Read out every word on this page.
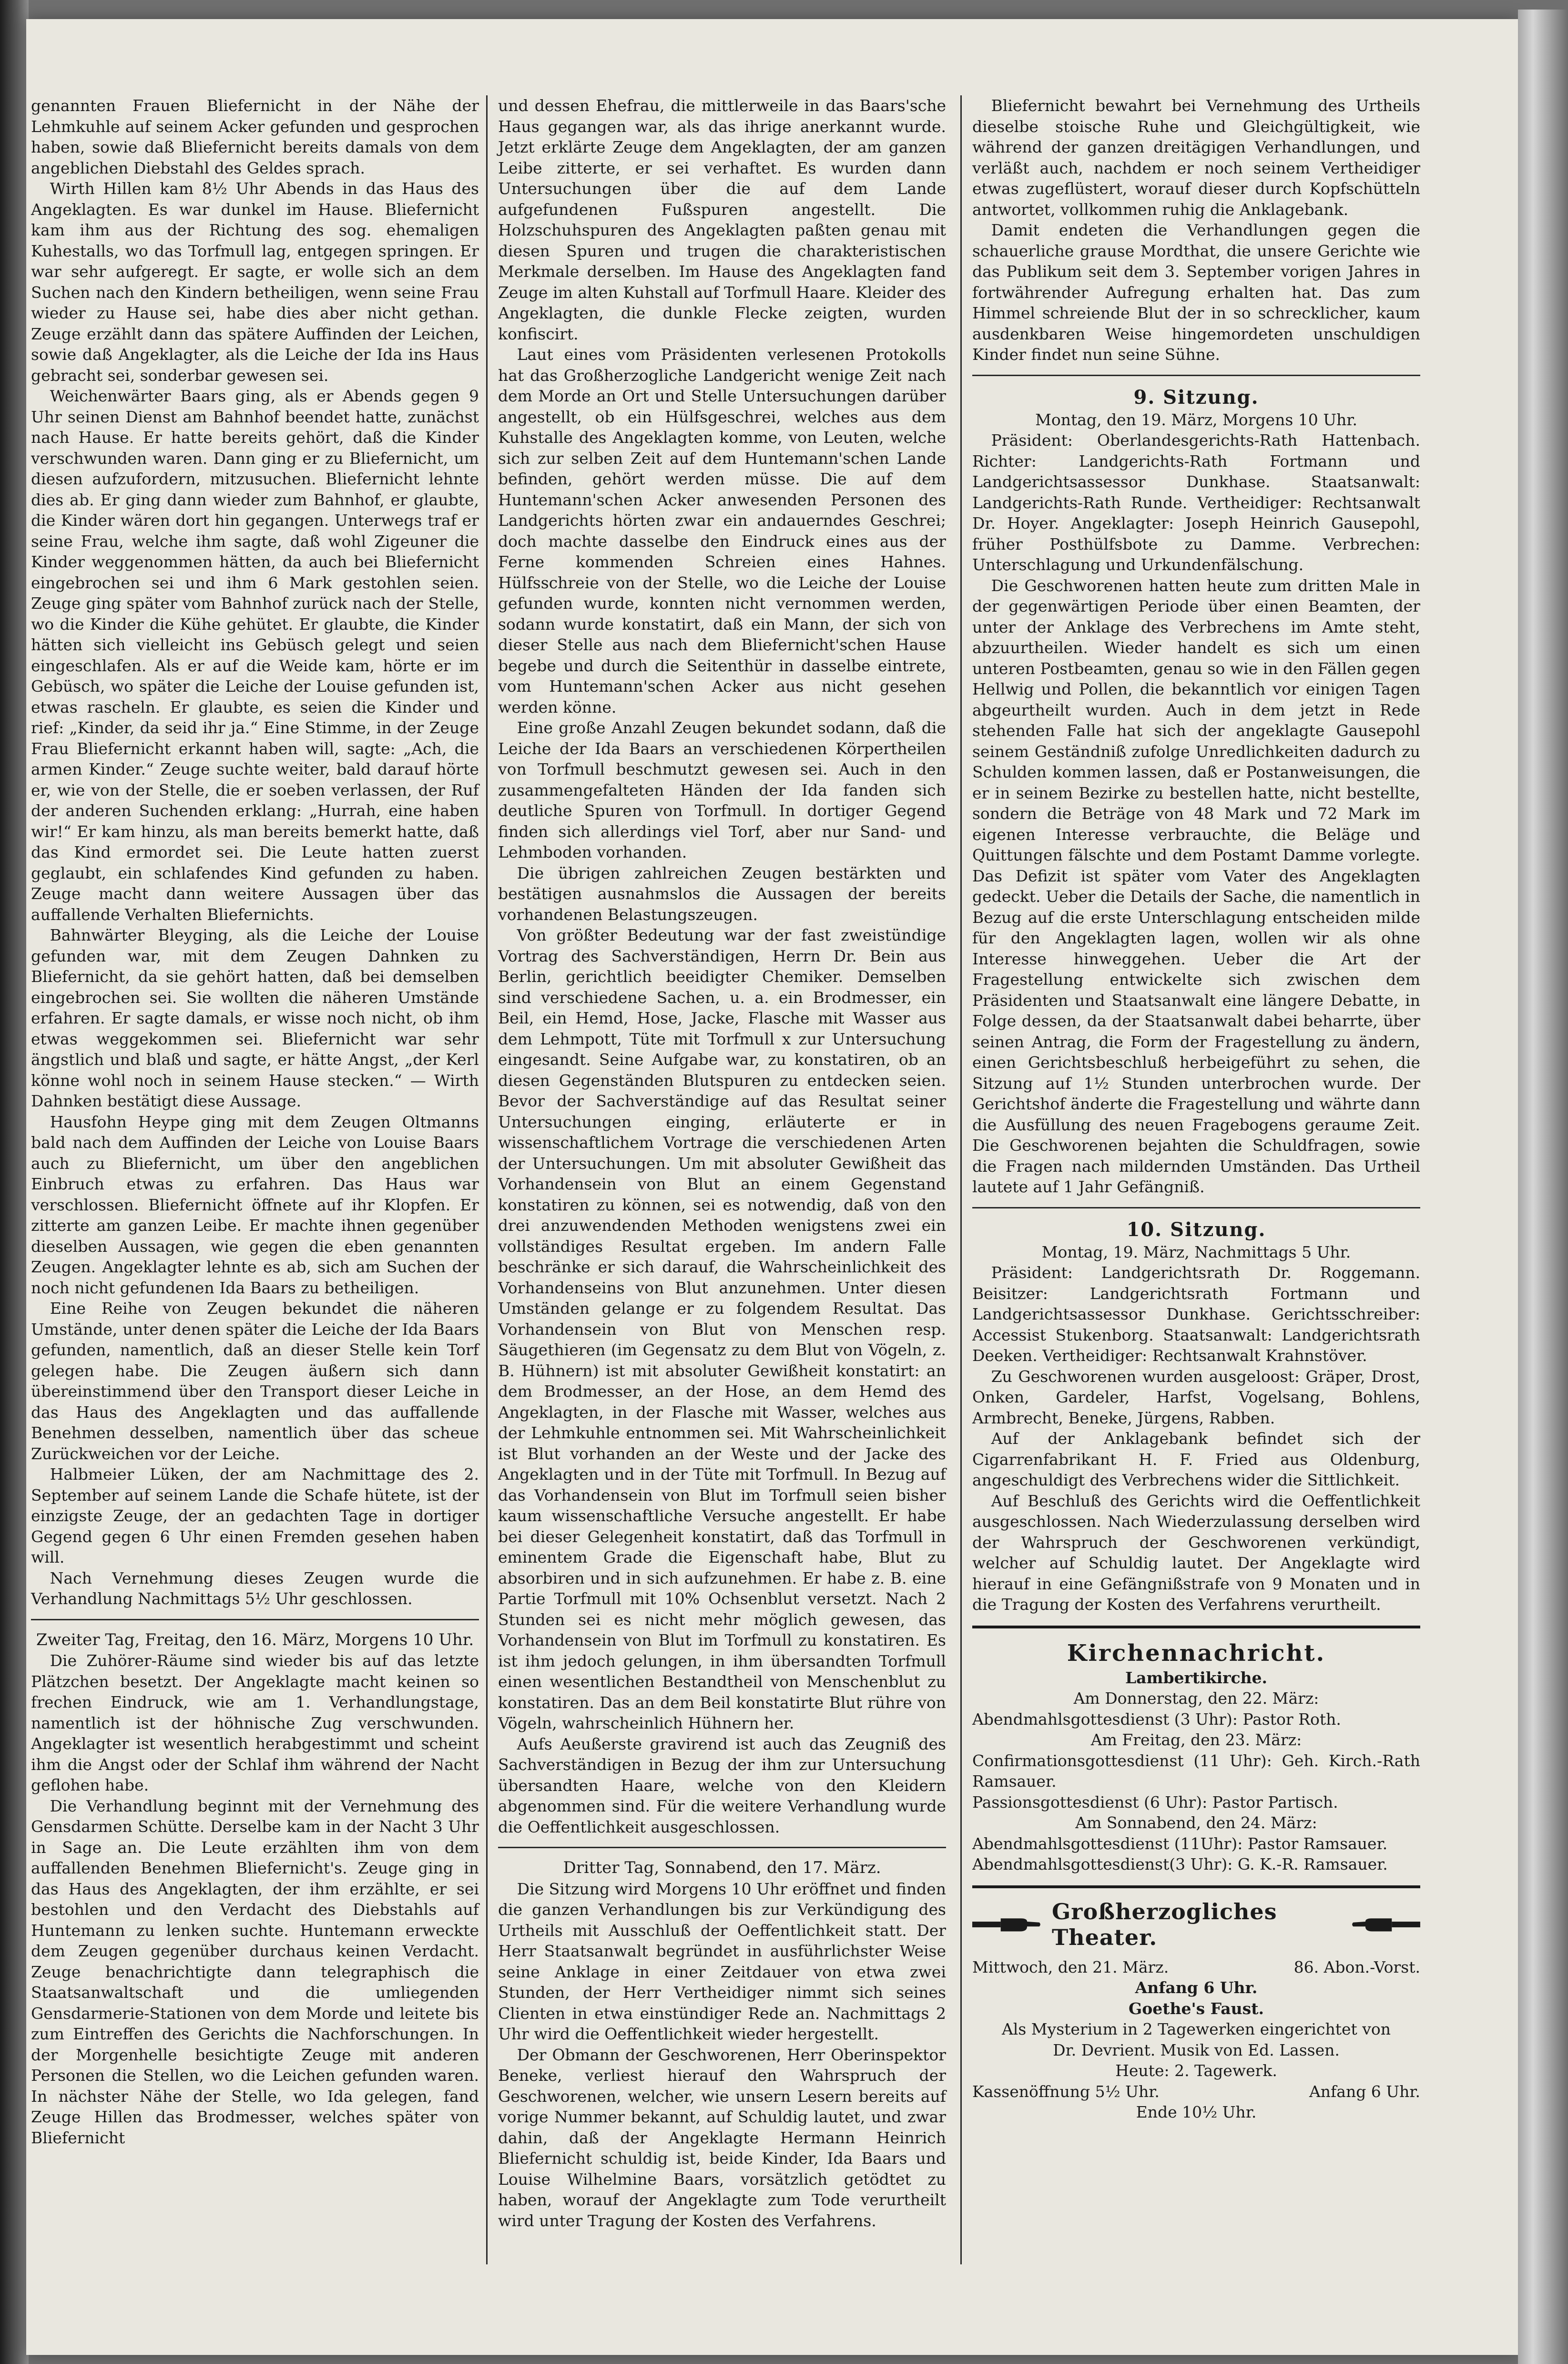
genannten Frauen Bliefernicht in der Nähe der Lehmkuhle auf seinem Acker gefunden und gesprochen haben, sowie daß Bliefernicht bereits damals von dem angeblichen Diebstahl des Geldes sprach.

Wirth Hillen kam 8½ Uhr Abends in das Haus des Angeklagten. Es war dunkel im Hause. Bliefernicht kam ihm aus der Richtung des sog. ehemaligen Kuhestalls, wo das Torfmull lag, entgegen springen. Er war sehr aufgeregt. Er sagte, er wolle sich an dem Suchen nach den Kindern betheiligen, wenn seine Frau wieder zu Hause sei, habe dies aber nicht gethan. Zeuge erzählt dann das spätere Auffinden der Leichen, sowie daß Angeklagter, als die Leiche der Ida ins Haus gebracht sei, sonderbar gewesen sei.

Weichenwärter Baars ging, als er Abends gegen 9 Uhr seinen Dienst am Bahnhof beendet hatte, zunächst nach Hause. Er hatte bereits gehört, daß die Kinder verschwunden waren. Dann ging er zu Bliefernicht, um diesen aufzufordern, mitzusuchen. Bliefernicht lehnte dies ab. Er ging dann wieder zum Bahnhof, er glaubte, die Kinder wären dort hin gegangen. Unterwegs traf er seine Frau, welche ihm sagte, daß wohl Zigeuner die Kinder weggenommen hätten, da auch bei Bliefernicht eingebrochen sei und ihm 6 Mark gestohlen seien. Zeuge ging später vom Bahnhof zurück nach der Stelle, wo die Kinder die Kühe gehütet. Er glaubte, die Kinder hätten sich vielleicht ins Gebüsch gelegt und seien eingeschlafen. Als er auf die Weide kam, hörte er im Gebüsch, wo später die Leiche der Louise gefunden ist, etwas rascheln. Er glaubte, es seien die Kinder und rief: „Kinder, da seid ihr ja.“ Eine Stimme, in der Zeuge Frau Bliefernicht erkannt haben will, sagte: „Ach, die armen Kinder.“ Zeuge suchte weiter, bald darauf hörte er, wie von der Stelle, die er soeben verlassen, der Ruf der anderen Suchenden erklang: „Hurrah, eine haben wir!“ Er kam hinzu, als man bereits bemerkt hatte, daß das Kind ermordet sei. Die Leute hatten zuerst geglaubt, ein schlafendes Kind gefunden zu haben. Zeuge macht dann weitere Aussagen über das auffallende Verhalten Bliefernichts.

Bahnwärter Bleyging, als die Leiche der Louise gefunden war, mit dem Zeugen Dahnken zu Bliefernicht, da sie gehört hatten, daß bei demselben eingebrochen sei. Sie wollten die näheren Umstände erfahren. Er sagte damals, er wisse noch nicht, ob ihm etwas weggekommen sei. Bliefernicht war sehr ängstlich und blaß und sagte, er hätte Angst, „der Kerl könne wohl noch in seinem Hause stecken.“ — Wirth Dahnken bestätigt diese Aussage.

Hausfohn Heype ging mit dem Zeugen Oltmanns bald nach dem Auffinden der Leiche von Louise Baars auch zu Bliefernicht, um über den angeblichen Einbruch etwas zu erfahren. Das Haus war verschlossen. Bliefernicht öffnete auf ihr Klopfen. Er zitterte am ganzen Leibe. Er machte ihnen gegenüber dieselben Aussagen, wie gegen die eben genannten Zeugen. Angeklagter lehnte es ab, sich am Suchen der noch nicht gefundenen Ida Baars zu betheiligen.

Eine Reihe von Zeugen bekundet die näheren Umstände, unter denen später die Leiche der Ida Baars gefunden, namentlich, daß an dieser Stelle kein Torf gelegen habe. Die Zeugen äußern sich dann übereinstimmend über den Transport dieser Leiche in das Haus des Angeklagten und das auffallende Benehmen desselben, namentlich über das scheue Zurückweichen vor der Leiche.

Halbmeier Lüken, der am Nachmittage des 2. September auf seinem Lande die Schafe hütete, ist der einzigste Zeuge, der an gedachten Tage in dortiger Gegend gegen 6 Uhr einen Fremden gesehen haben will.

Nach Vernehmung dieses Zeugen wurde die Verhandlung Nachmittags 5½ Uhr geschlossen.

Zweiter Tag, Freitag, den 16. März, Morgens 10 Uhr.

Die Zuhörer-Räume sind wieder bis auf das letzte Plätzchen besetzt. Der Angeklagte macht keinen so frechen Eindruck, wie am 1. Verhandlungstage, namentlich ist der höhnische Zug verschwunden. Angeklagter ist wesentlich herabgestimmt und scheint ihm die Angst oder der Schlaf ihm während der Nacht geflohen habe.

Die Verhandlung beginnt mit der Vernehmung des Gensdarmen Schütte. Derselbe kam in der Nacht 3 Uhr in Sage an. Die Leute erzählten ihm von dem auffallenden Benehmen Bliefernicht's. Zeuge ging in das Haus des Angeklagten, der ihm erzählte, er sei bestohlen und den Verdacht des Diebstahls auf Huntemann zu lenken suchte. Huntemann erweckte dem Zeugen gegenüber durchaus keinen Verdacht. Zeuge benachrichtigte dann telegraphisch die Staatsanwaltschaft und die umliegenden Gensdarmerie-Stationen von dem Morde und leitete bis zum Eintreffen des Gerichts die Nachforschungen. In der Morgenhelle besichtigte Zeuge mit anderen Personen die Stellen, wo die Leichen gefunden waren. In nächster Nähe der Stelle, wo Ida gelegen, fand Zeuge Hillen das Brodmesser, welches später von Bliefernicht

und dessen Ehefrau, die mittlerweile in das Baars'sche Haus gegangen war, als das ihrige anerkannt wurde. Jetzt erklärte Zeuge dem Angeklagten, der am ganzen Leibe zitterte, er sei verhaftet. Es wurden dann Untersuchungen über die auf dem Lande aufgefundenen Fußspuren angestellt. Die Holzschuhspuren des Angeklagten paßten genau mit diesen Spuren und trugen die charakteristischen Merkmale derselben. Im Hause des Angeklagten fand Zeuge im alten Kuhstall auf Torfmull Haare. Kleider des Angeklagten, die dunkle Flecke zeigten, wurden konfiscirt.

Laut eines vom Präsidenten verlesenen Protokolls hat das Großherzogliche Landgericht wenige Zeit nach dem Morde an Ort und Stelle Untersuchungen darüber angestellt, ob ein Hülfsgeschrei, welches aus dem Kuhstalle des Angeklagten komme, von Leuten, welche sich zur selben Zeit auf dem Huntemann'schen Lande befinden, gehört werden müsse. Die auf dem Huntemann'schen Acker anwesenden Personen des Landgerichts hörten zwar ein andauerndes Geschrei; doch machte dasselbe den Eindruck eines aus der Ferne kommenden Schreien eines Hahnes. Hülfsschreie von der Stelle, wo die Leiche der Louise gefunden wurde, konnten nicht vernommen werden, sodann wurde konstatirt, daß ein Mann, der sich von dieser Stelle aus nach dem Bliefernicht'schen Hause begebe und durch die Seitenthür in dasselbe eintrete, vom Huntemann'schen Acker aus nicht gesehen werden könne.

Eine große Anzahl Zeugen bekundet sodann, daß die Leiche der Ida Baars an verschiedenen Körpertheilen von Torfmull beschmutzt gewesen sei. Auch in den zusammengefalteten Händen der Ida fanden sich deutliche Spuren von Torfmull. In dortiger Gegend finden sich allerdings viel Torf, aber nur Sand- und Lehmboden vorhanden.

Die übrigen zahlreichen Zeugen bestärkten und bestätigen ausnahmslos die Aussagen der bereits vorhandenen Belastungszeugen.

Von größter Bedeutung war der fast zweistündige Vortrag des Sachverständigen, Herrn Dr. Bein aus Berlin, gerichtlich beeidigter Chemiker. Demselben sind verschiedene Sachen, u. a. ein Brodmesser, ein Beil, ein Hemd, Hose, Jacke, Flasche mit Wasser aus dem Lehmpott, Tüte mit Torfmull x zur Untersuchung eingesandt. Seine Aufgabe war, zu konstatiren, ob an diesen Gegenständen Blutspuren zu entdecken seien. Bevor der Sachverständige auf das Resultat seiner Untersuchungen einging, erläuterte er in wissenschaftlichem Vortrage die verschiedenen Arten der Untersuchungen. Um mit absoluter Gewißheit das Vorhandensein von Blut an einem Gegenstand konstatiren zu können, sei es notwendig, daß von den drei anzuwendenden Methoden wenigstens zwei ein vollständiges Resultat ergeben. Im andern Falle beschränke er sich darauf, die Wahrscheinlichkeit des Vorhandenseins von Blut anzunehmen. Unter diesen Umständen gelange er zu folgendem Resultat. Das Vorhandensein von Blut von Menschen resp. Säugethieren (im Gegensatz zu dem Blut von Vögeln, z. B. Hühnern) ist mit absoluter Gewißheit konstatirt: an dem Brodmesser, an der Hose, an dem Hemd des Angeklagten, in der Flasche mit Wasser, welches aus der Lehmkuhle entnommen sei. Mit Wahrscheinlichkeit ist Blut vorhanden an der Weste und der Jacke des Angeklagten und in der Tüte mit Torfmull. In Bezug auf das Vorhandensein von Blut im Torfmull seien bisher kaum wissenschaftliche Versuche angestellt. Er habe bei dieser Gelegenheit konstatirt, daß das Torfmull in eminentem Grade die Eigenschaft habe, Blut zu absorbiren und in sich aufzunehmen. Er habe z. B. eine Partie Torfmull mit 10% Ochsenblut versetzt. Nach 2 Stunden sei es nicht mehr möglich gewesen, das Vorhandensein von Blut im Torfmull zu konstatiren. Es ist ihm jedoch gelungen, in ihm übersandten Torfmull einen wesentlichen Bestandtheil von Menschenblut zu konstatiren. Das an dem Beil konstatirte Blut rühre von Vögeln, wahrscheinlich Hühnern her.

Aufs Aeußerste gravirend ist auch das Zeugniß des Sachverständigen in Bezug der ihm zur Untersuchung übersandten Haare, welche von den Kleidern abgenommen sind. Für die weitere Verhandlung wurde die Oeffentlichkeit ausgeschlossen.

Dritter Tag, Sonnabend, den 17. März.

Die Sitzung wird Morgens 10 Uhr eröffnet und finden die ganzen Verhandlungen bis zur Verkündigung des Urtheils mit Ausschluß der Oeffentlichkeit statt. Der Herr Staatsanwalt begründet in ausführlichster Weise seine Anklage in einer Zeitdauer von etwa zwei Stunden, der Herr Vertheidiger nimmt sich seines Clienten in etwa einstündiger Rede an. Nachmittags 2 Uhr wird die Oeffentlichkeit wieder hergestellt.

Der Obmann der Geschworenen, Herr Oberinspektor Beneke, verliest hierauf den Wahrspruch der Geschworenen, welcher, wie unsern Lesern bereits auf vorige Nummer bekannt, auf Schuldig lautet, und zwar dahin, daß der Angeklagte Hermann Heinrich Bliefernicht schuldig ist, beide Kinder, Ida Baars und Louise Wilhelmine Baars, vorsätzlich getödtet zu haben, worauf der Angeklagte zum Tode verurtheilt wird unter Tragung der Kosten des Verfahrens.

Bliefernicht bewahrt bei Vernehmung des Urtheils dieselbe stoische Ruhe und Gleichgültigkeit, wie während der ganzen dreitägigen Verhandlungen, und verläßt auch, nachdem er noch seinem Vertheidiger etwas zugeflüstert, worauf dieser durch Kopfschütteln antwortet, vollkommen ruhig die Anklagebank.

Damit endeten die Verhandlungen gegen die schauerliche grause Mordthat, die unsere Gerichte wie das Publikum seit dem 3. September vorigen Jahres in fortwährender Aufregung erhalten hat. Das zum Himmel schreiende Blut der in so schrecklicher, kaum ausdenkbaren Weise hingemordeten unschuldigen Kinder findet nun seine Sühne.

9. Sitzung.

Montag, den 19. März, Morgens 10 Uhr.

Präsident: Oberlandesgerichts-Rath Hattenbach. Richter: Landgerichts-Rath Fortmann und Landgerichtsassessor Dunkhase. Staatsanwalt: Landgerichts-Rath Runde. Vertheidiger: Rechtsanwalt Dr. Hoyer. Angeklagter: Joseph Heinrich Gausepohl, früher Posthülfsbote zu Damme. Verbrechen: Unterschlagung und Urkundenfälschung.

Die Geschworenen hatten heute zum dritten Male in der gegenwärtigen Periode über einen Beamten, der unter der Anklage des Verbrechens im Amte steht, abzuurtheilen. Wieder handelt es sich um einen unteren Postbeamten, genau so wie in den Fällen gegen Hellwig und Pollen, die bekanntlich vor einigen Tagen abgeurtheilt wurden. Auch in dem jetzt in Rede stehenden Falle hat sich der angeklagte Gausepohl seinem Geständniß zufolge Unredlichkeiten dadurch zu Schulden kommen lassen, daß er Postanweisungen, die er in seinem Bezirke zu bestellen hatte, nicht bestellte, sondern die Beträge von 48 Mark und 72 Mark im eigenen Interesse verbrauchte, die Beläge und Quittungen fälschte und dem Postamt Damme vorlegte. Das Defizit ist später vom Vater des Angeklagten gedeckt. Ueber die Details der Sache, die namentlich in Bezug auf die erste Unterschlagung entscheiden milde für den Angeklagten lagen, wollen wir als ohne Interesse hinweggehen. Ueber die Art der Fragestellung entwickelte sich zwischen dem Präsidenten und Staatsanwalt eine längere Debatte, in Folge dessen, da der Staatsanwalt dabei beharrte, über seinen Antrag, die Form der Fragestellung zu ändern, einen Gerichtsbeschluß herbeigeführt zu sehen, die Sitzung auf 1½ Stunden unterbrochen wurde. Der Gerichtshof änderte die Fragestellung und währte dann die Ausfüllung des neuen Fragebogens geraume Zeit. Die Geschworenen bejahten die Schuldfragen, sowie die Fragen nach mildernden Umständen. Das Urtheil lautete auf 1 Jahr Gefängniß.

10. Sitzung.

Montag, 19. März, Nachmittags 5 Uhr.

Präsident: Landgerichtsrath Dr. Roggemann. Beisitzer: Landgerichtsrath Fortmann und Landgerichtsassessor Dunkhase. Gerichtsschreiber: Accessist Stukenborg. Staatsanwalt: Landgerichtsrath Deeken. Vertheidiger: Rechtsanwalt Krahnstöver.

Zu Geschworenen wurden ausgeloost: Gräper, Drost, Onken, Gardeler, Harfst, Vogelsang, Bohlens, Armbrecht, Beneke, Jürgens, Rabben.

Auf der Anklagebank befindet sich der Cigarrenfabrikant H. F. Fried aus Oldenburg, angeschuldigt des Verbrechens wider die Sittlichkeit.

Auf Beschluß des Gerichts wird die Oeffentlichkeit ausgeschlossen. Nach Wiederzulassung derselben wird der Wahrspruch der Geschworenen verkündigt, welcher auf Schuldig lautet. Der Angeklagte wird hierauf in eine Gefängnißstrafe von 9 Monaten und in die Tragung der Kosten des Verfahrens verurtheilt.

Kirchennachricht.

Lambertikirche.

Am Donnerstag, den 22. März:

Abendmahlsgottesdienst (3 Uhr): Pastor Roth.

Am Freitag, den 23. März:

Confirmationsgottesdienst (11 Uhr): Geh. Kirch.-Rath Ramsauer.

Passionsgottesdienst (6 Uhr): Pastor Partisch.

Am Sonnabend, den 24. März:

Abendmahlsgottesdienst (11Uhr): Pastor Ramsauer.

Abendmahlsgottesdienst(3 Uhr): G. K.-R. Ramsauer.

Großherzogliches Theater.
Mittwoch, den 21. März.	86. Abon.-Vorst.

Anfang 6 Uhr.

Goethe's Faust.

Als Mysterium in 2 Tagewerken eingerichtet von

Dr. Devrient. Musik von Ed. Lassen.

Heute: 2. Tagewerk.

Kassenöffnung 5½ Uhr.	Anfang 6 Uhr.

Ende 10½ Uhr.
